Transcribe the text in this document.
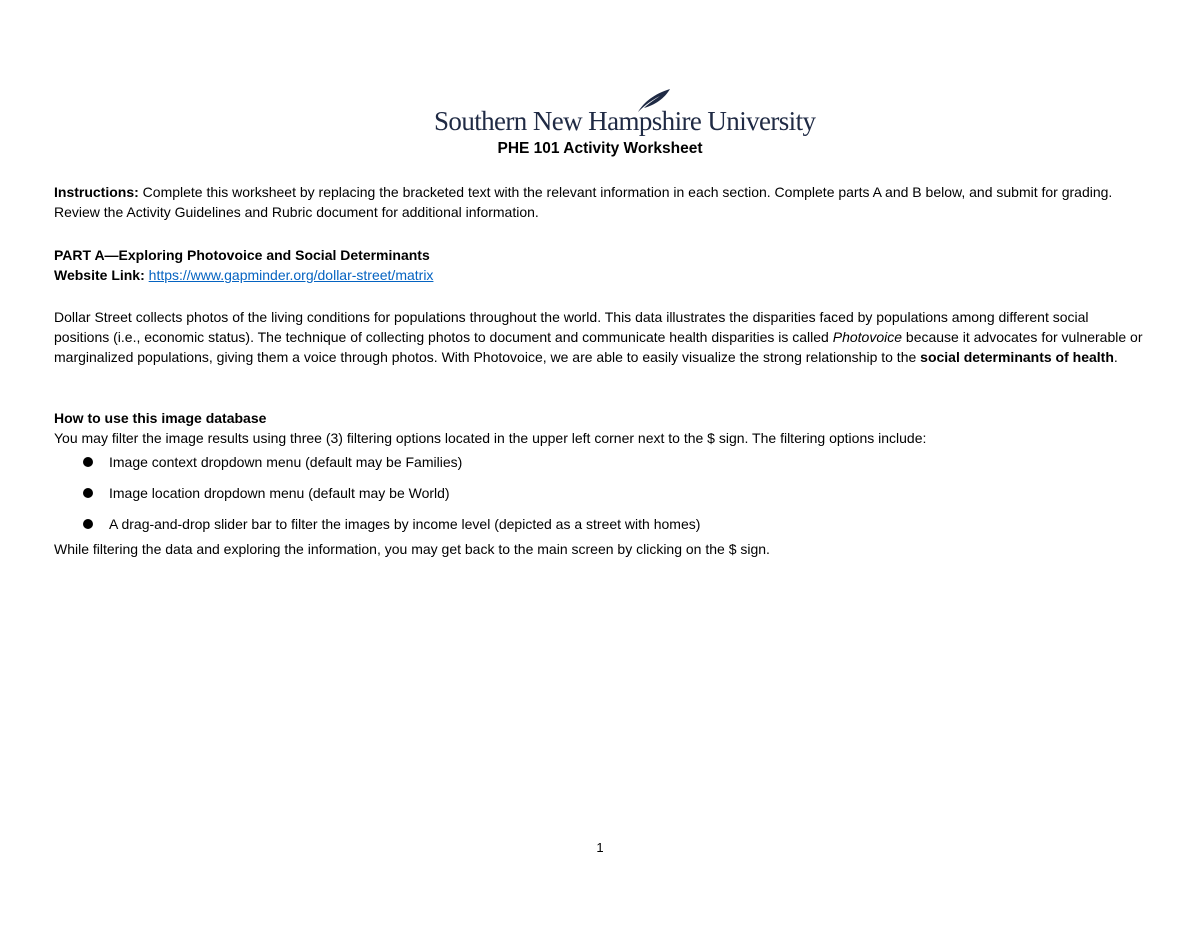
Southern New Hampshire University
PHE 101 Activity Worksheet

Instructions: Complete this worksheet by replacing the bracketed text with the relevant information in each section. Complete parts A and B below, and submit for grading. Review the Activity Guidelines and Rubric document for additional information.

PART A—Exploring Photovoice and Social Determinants

Website Link: https://www.gapminder.org/dollar-street/matrix

Dollar Street collects photos of the living conditions for populations throughout the world. This data illustrates the disparities faced by populations among different social positions (i.e., economic status). The technique of collecting photos to document and communicate health disparities is called Photovoice because it advocates for vulnerable or marginalized populations, giving them a voice through photos. With Photovoice, we are able to easily visualize the strong relationship to the social determinants of health.

How to use this image database

You may filter the image results using three (3) filtering options located in the upper left corner next to the $ sign. The filtering options include:

Image context dropdown menu (default may be Families)
Image location dropdown menu (default may be World)
A drag-and-drop slider bar to filter the images by income level (depicted as a street with homes)

While filtering the data and exploring the information, you may get back to the main screen by clicking on the $ sign.

1
